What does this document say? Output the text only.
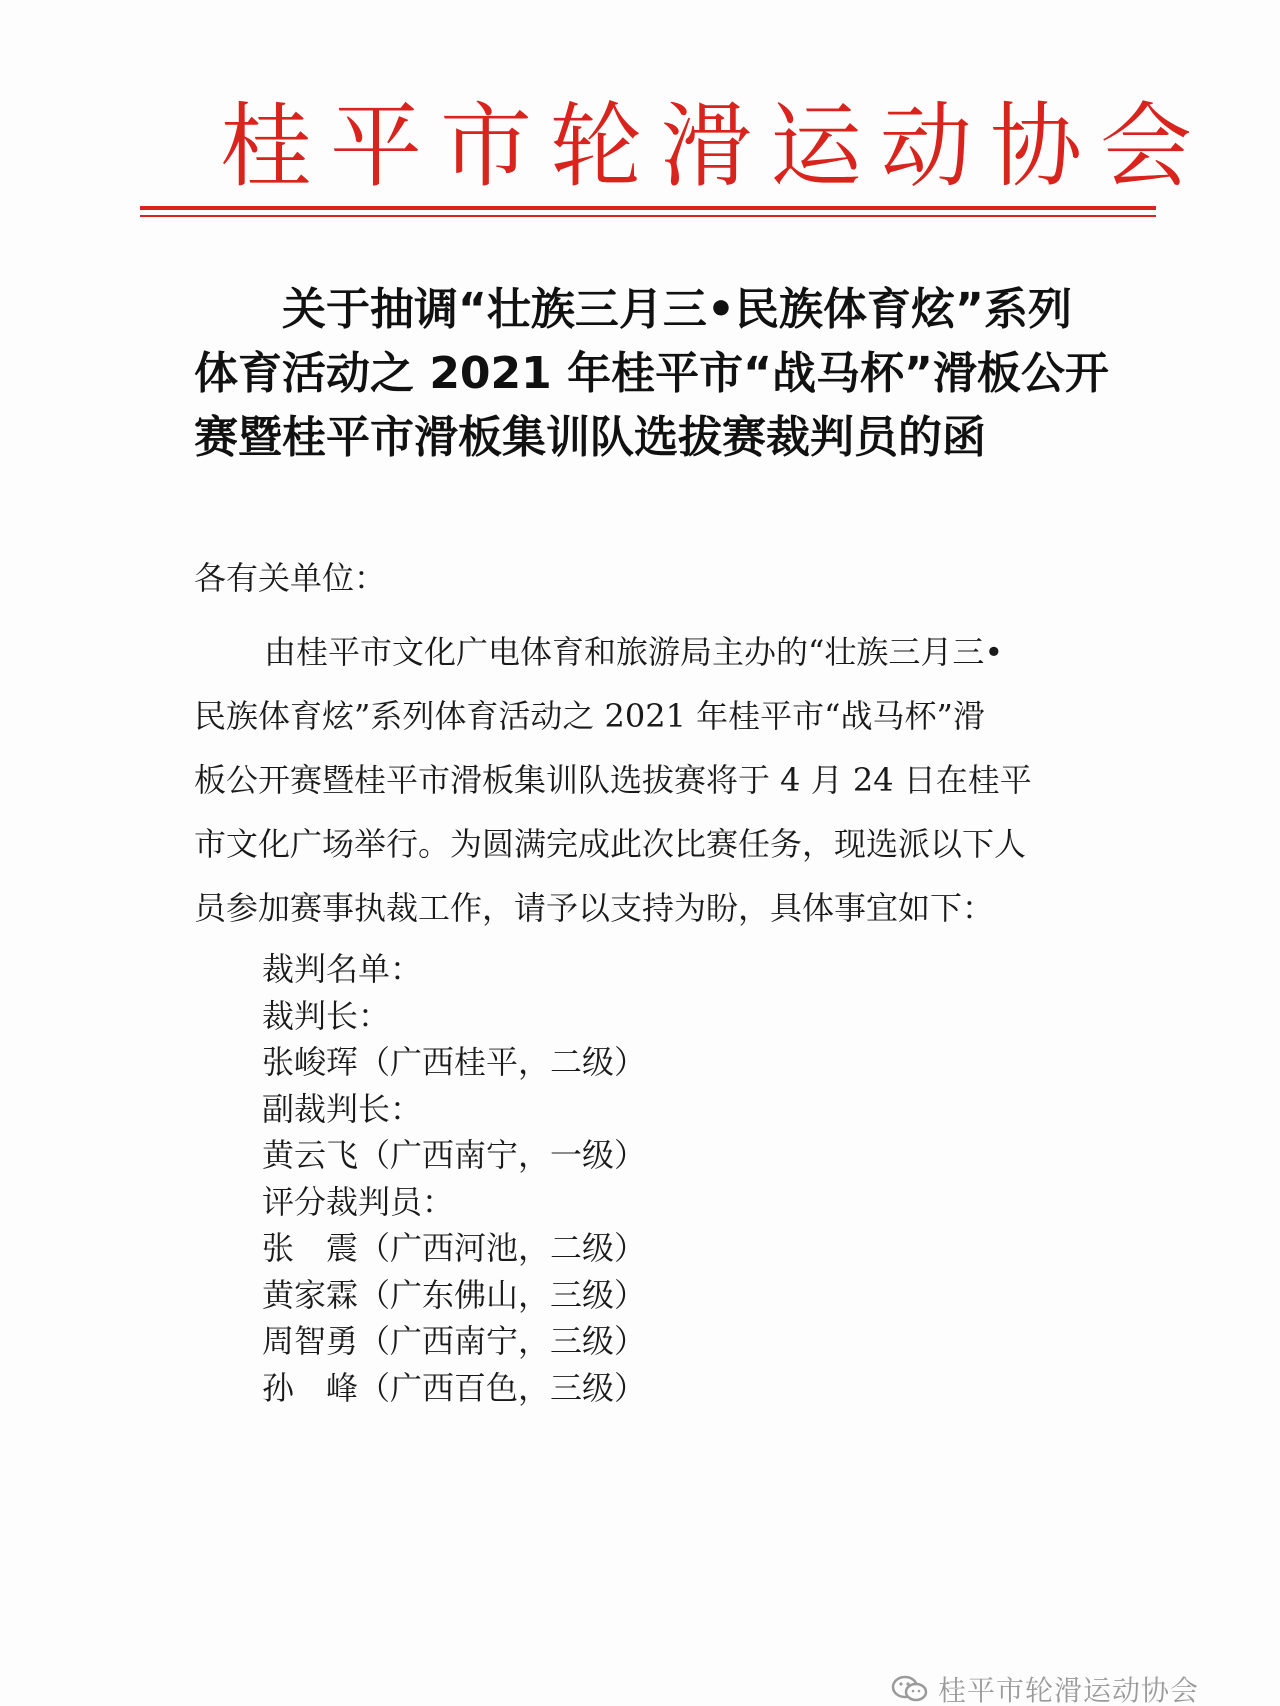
桂平市轮滑运动协会
关于抽调“壮族三月三•民族体育炫”系列
体育活动之 2021 年桂平市“战马杯”滑板公开
赛暨桂平市滑板集训队选拔赛裁判员的函
各有关单位：
由桂平市文化广电体育和旅游局主办的“壮族三月三•
民族体育炫”系列体育活动之 2021 年桂平市“战马杯”滑
板公开赛暨桂平市滑板集训队选拔赛将于 4 月 24 日在桂平
市文化广场举行。为圆满完成此次比赛任务，现选派以下人
员参加赛事执裁工作，请予以支持为盼，具体事宜如下：
裁判名单：
裁判长：
张峻珲（广西桂平，二级）
副裁判长：
黄云飞（广西南宁，一级）
评分裁判员：
张　震（广西河池，二级）
黄家霖（广东佛山，三级）
周智勇（广西南宁，三级）
孙　峰（广西百色，三级）
桂平市轮滑运动协会
